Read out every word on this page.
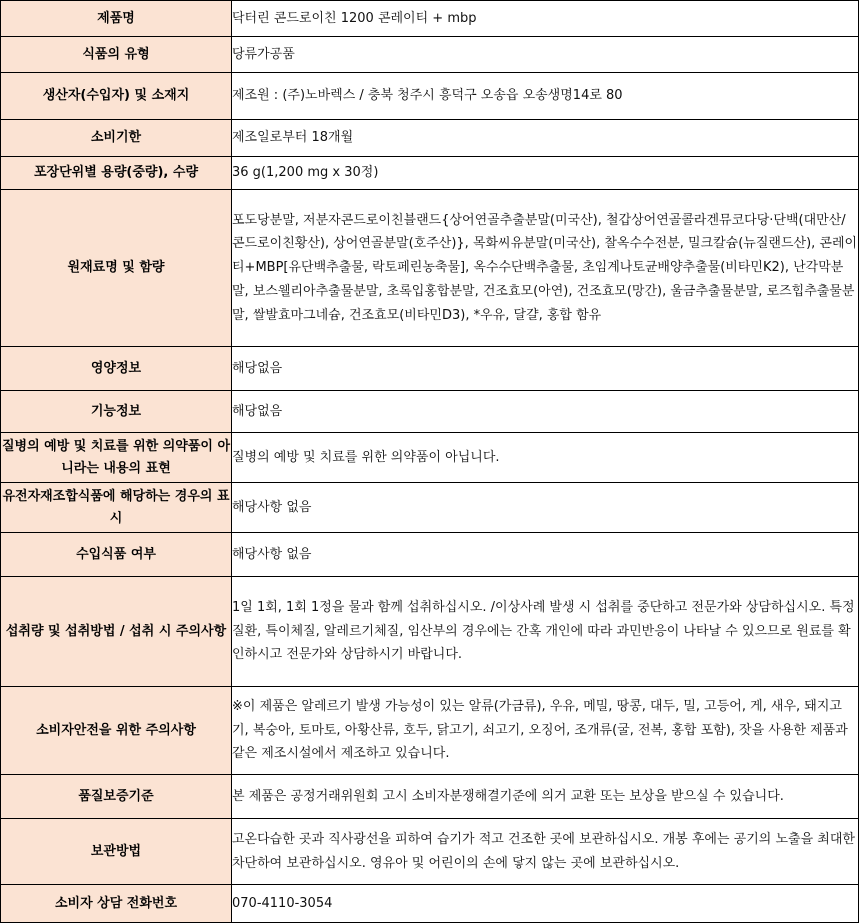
제품명	닥터린 콘드로이친 1200 콘레이티 + mbp
식품의 유형	당류가공품
생산자(수입자) 및 소재지	제조원 : (주)노바렉스 / 충북 청주시 흥덕구 오송읍 오송생명14로 80
소비기한	제조일로부터 18개월
포장단위별 용량(중량), 수량	36 g(1,200 mg x 30정)
원재료명 및 함량	포도당분말, 저분자콘드로이친블랜드{상어연골추출분말(미국산), 철갑상어연골콜라겐뮤코다당·단백(대만산/콘드로이친황산), 상어연골분말(호주산)}, 목화씨유분말(미국산), 찰옥수수전분, 밀크칼슘(뉴질랜드산), 콘레이티+MBP[유단백추출물, 락토페린농축물], 옥수수단백추출물, 초임계나토균배양추출물(비타민K2), 난각막분말, 보스웰리아추출물분말, 초록입홍합분말, 건조효모(아연), 건조효모(망간), 울금추출물분말, 로즈힙추출물분말, 쌀발효마그네슘, 건조효모(비타민D3), *우유, 달걀, 홍합 함유
영양정보	해당없음
기능정보	해당없음
질병의 예방 및 치료를 위한 의약품이 아니라는 내용의 표현	질병의 예방 및 치료를 위한 의약품이 아닙니다.
유전자재조합식품에 해당하는 경우의 표시	해당사항 없음
수입식품 여부	해당사항 없음
섭취량 및 섭취방법 / 섭취 시 주의사항	1일 1회, 1회 1정을 물과 함께 섭취하십시오. /이상사례 발생 시 섭취를 중단하고 전문가와 상담하십시오. 특정질환, 특이체질, 알레르기체질, 임산부의 경우에는 간혹 개인에 따라 과민반응이 나타날 수 있으므로 원료를 확인하시고 전문가와 상담하시기 바랍니다.
소비자안전을 위한 주의사항	※이 제품은 알레르기 발생 가능성이 있는 알류(가금류), 우유, 메밀, 땅콩, 대두, 밀, 고등어, 게, 새우, 돼지고기, 복숭아, 토마토, 아황산류, 호두, 닭고기, 쇠고기, 오징어, 조개류(굴, 전복, 홍합 포함), 잣을 사용한 제품과 같은 제조시설에서 제조하고 있습니다.
품질보증기준	본 제품은 공정거래위원회 고시 소비자분쟁해결기준에 의거 교환 또는 보상을 받으실 수 있습니다.
보관방법	고온다습한 곳과 직사광선을 피하여 습기가 적고 건조한 곳에 보관하십시오. 개봉 후에는 공기의 노출을 최대한 차단하여 보관하십시오. 영유아 및 어린이의 손에 닿지 않는 곳에 보관하십시오.
소비자 상담 전화번호	070-4110-3054
